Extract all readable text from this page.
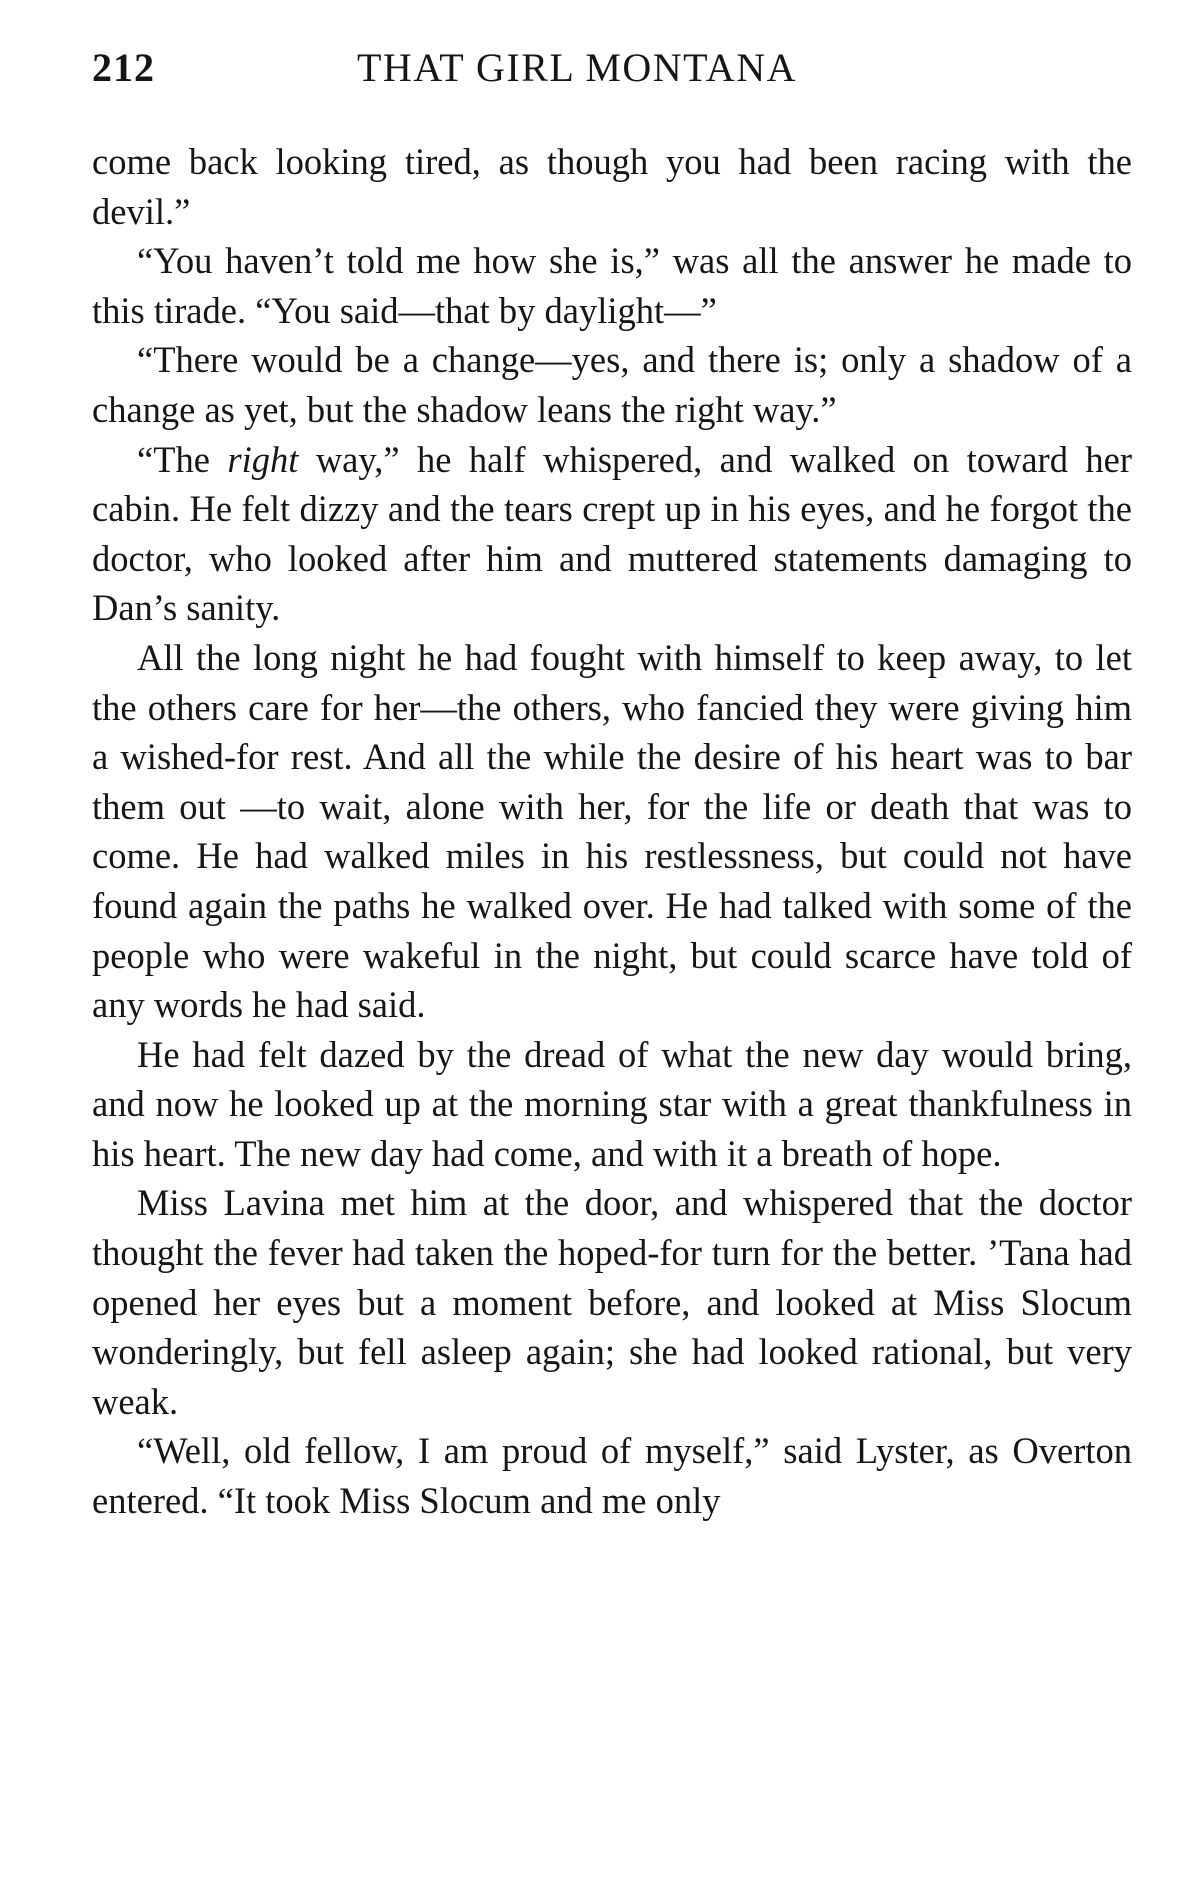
212	THAT GIRL MONTANA

come back looking tired, as though you had been racing with the devil.”

“You haven’t told me how she is,” was all the answer he made to this tirade. “You said—that by daylight—”

“There would be a change—yes, and there is; only a shadow of a change as yet, but the shadow leans the right way.”

“The right way,” he half whispered, and walked on toward her cabin. He felt dizzy and the tears crept up in his eyes, and he forgot the doctor, who looked after him and muttered statements damaging to Dan’s sanity.

All the long night he had fought with himself to keep away, to let the others care for her—the others, who fancied they were giving him a wished-for rest. And all the while the desire of his heart was to bar them out —to wait, alone with her, for the life or death that was to come. He had walked miles in his restlessness, but could not have found again the paths he walked over. He had talked with some of the people who were wakeful in the night, but could scarce have told of any words he had said.

He had felt dazed by the dread of what the new day would bring, and now he looked up at the morning star with a great thankfulness in his heart. The new day had come, and with it a breath of hope.

Miss Lavina met him at the door, and whispered that the doctor thought the fever had taken the hoped-for turn for the better. ’Tana had opened her eyes but a moment before, and looked at Miss Slocum wonderingly, but fell asleep again; she had looked rational, but very weak.

“Well, old fellow, I am proud of myself,” said Lyster, as Overton entered. “It took Miss Slocum and me only
